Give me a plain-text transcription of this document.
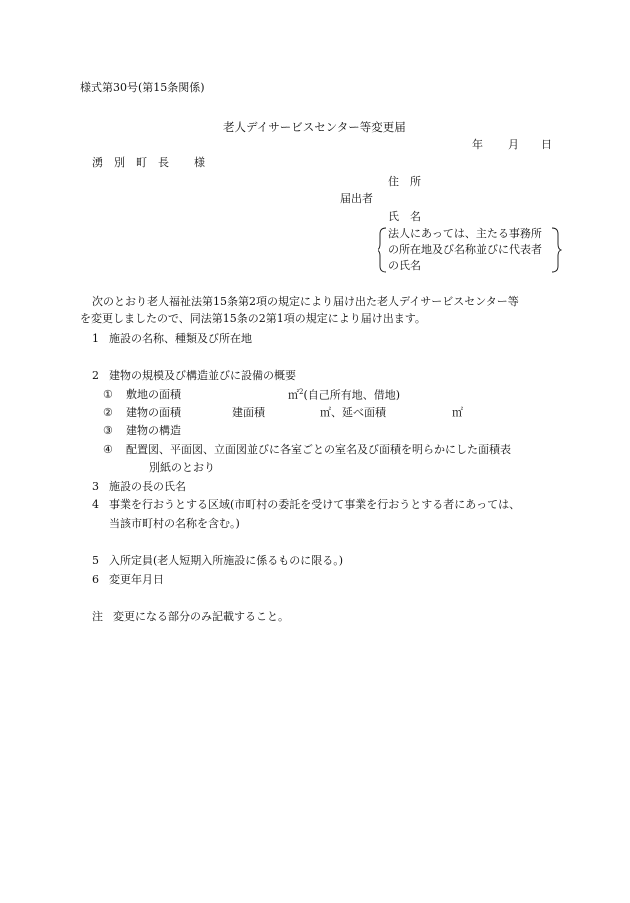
様式第30号(第15条関係)
老人デイサービスセンター等変更届
年 月 日
湧　別　町　長 様
住　所
届出者
氏　名
法人にあっては、主たる事務所
の所在地及び名称並びに代表者
の氏名
次のとおり老人福祉法第15条第2項の規定により届け出た老人デイサービスセンター等
を変更しましたので、同法第15条の2第1項の規定により届け出ます。
1 施設の名称、種類及び所在地
2 建物の規模及び構造並びに設備の概要
① 敷地の面積	㎡$^2$(自己所有地、借地)
② 建物の面積	建面積	㎡、延べ面積	㎡
③ 建物の構造
④ 配置図、平面図、立面図並びに各室ごとの室名及び面積を明らかにした面積表
別紙のとおり
3 施設の長の氏名
4 事業を行おうとする区域(市町村の委託を受けて事業を行おうとする者にあっては、
当該市町村の名称を含む。)
5 入所定員(老人短期入所施設に係るものに限る。)
6 変更年月日
注 変更になる部分のみ記載すること。
